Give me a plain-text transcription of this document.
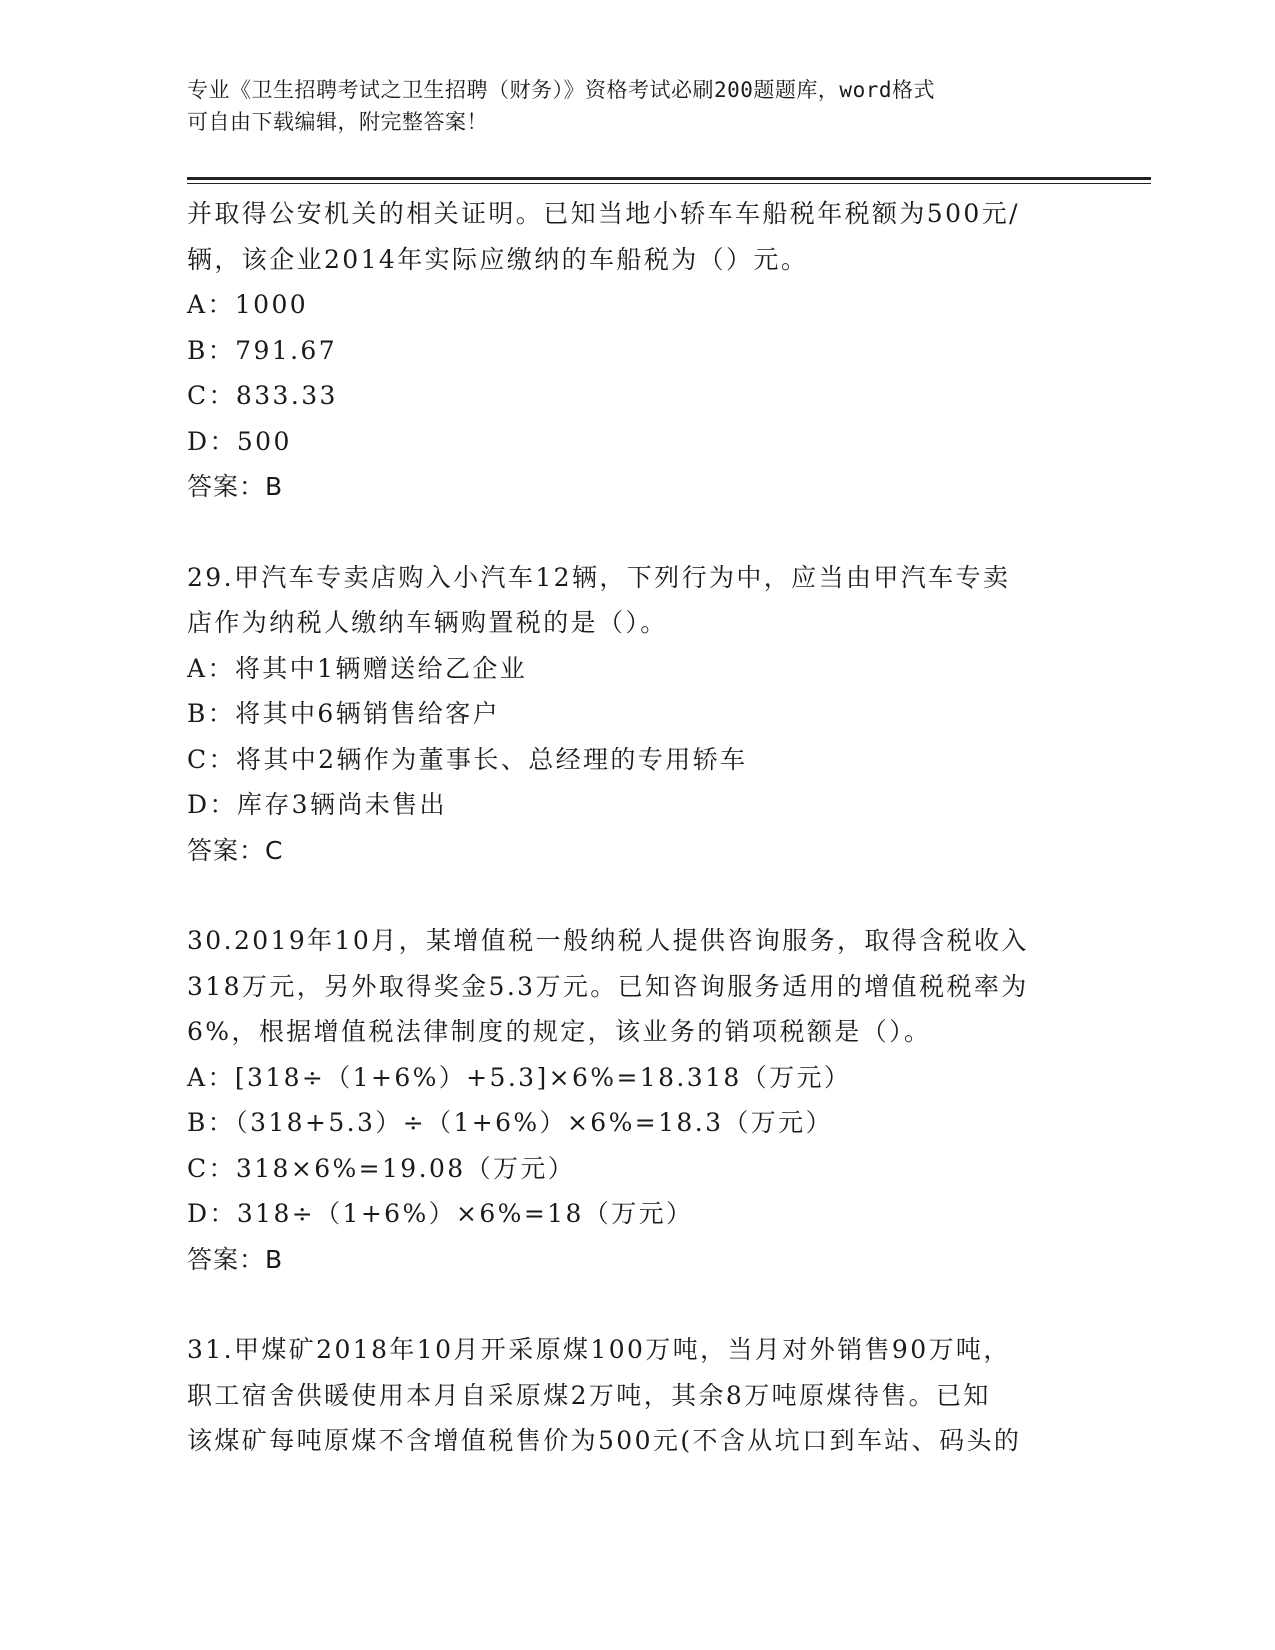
专业《卫生招聘考试之卫生招聘（财务）》资格考试必刷200题题库，word格式
可自由下载编辑，附完整答案！
并取得公安机关的相关证明。已知当地小轿车车船税年税额为500元/
辆，该企业2014年实际应缴纳的车船税为（）元。
A：1000
B：791.67
C：833.33
D：500
答案：B
29.甲汽车专卖店购入小汽车12辆，下列行为中，应当由甲汽车专卖
店作为纳税人缴纳车辆购置税的是（）。
A：将其中1辆赠送给乙企业
B：将其中6辆销售给客户
C：将其中2辆作为董事长、总经理的专用轿车
D：库存3辆尚未售出
答案：C
30.2019年10月，某增值税一般纳税人提供咨询服务，取得含税收入
318万元，另外取得奖金5.3万元。已知咨询服务适用的增值税税率为
6%，根据增值税法律制度的规定，该业务的销项税额是（）。
A：[318÷（1+6%）+5.3]×6%=18.318（万元）
B：（318+5.3）÷（1+6%）×6%=18.3（万元）
C：318×6%=19.08（万元）
D：318÷（1+6%）×6%=18（万元）
答案：B
31.甲煤矿2018年10月开采原煤100万吨，当月对外销售90万吨，
职工宿舍供暖使用本月自采原煤2万吨，其余8万吨原煤待售。已知
该煤矿每吨原煤不含增值税售价为500元(不含从坑口到车站、码头的
